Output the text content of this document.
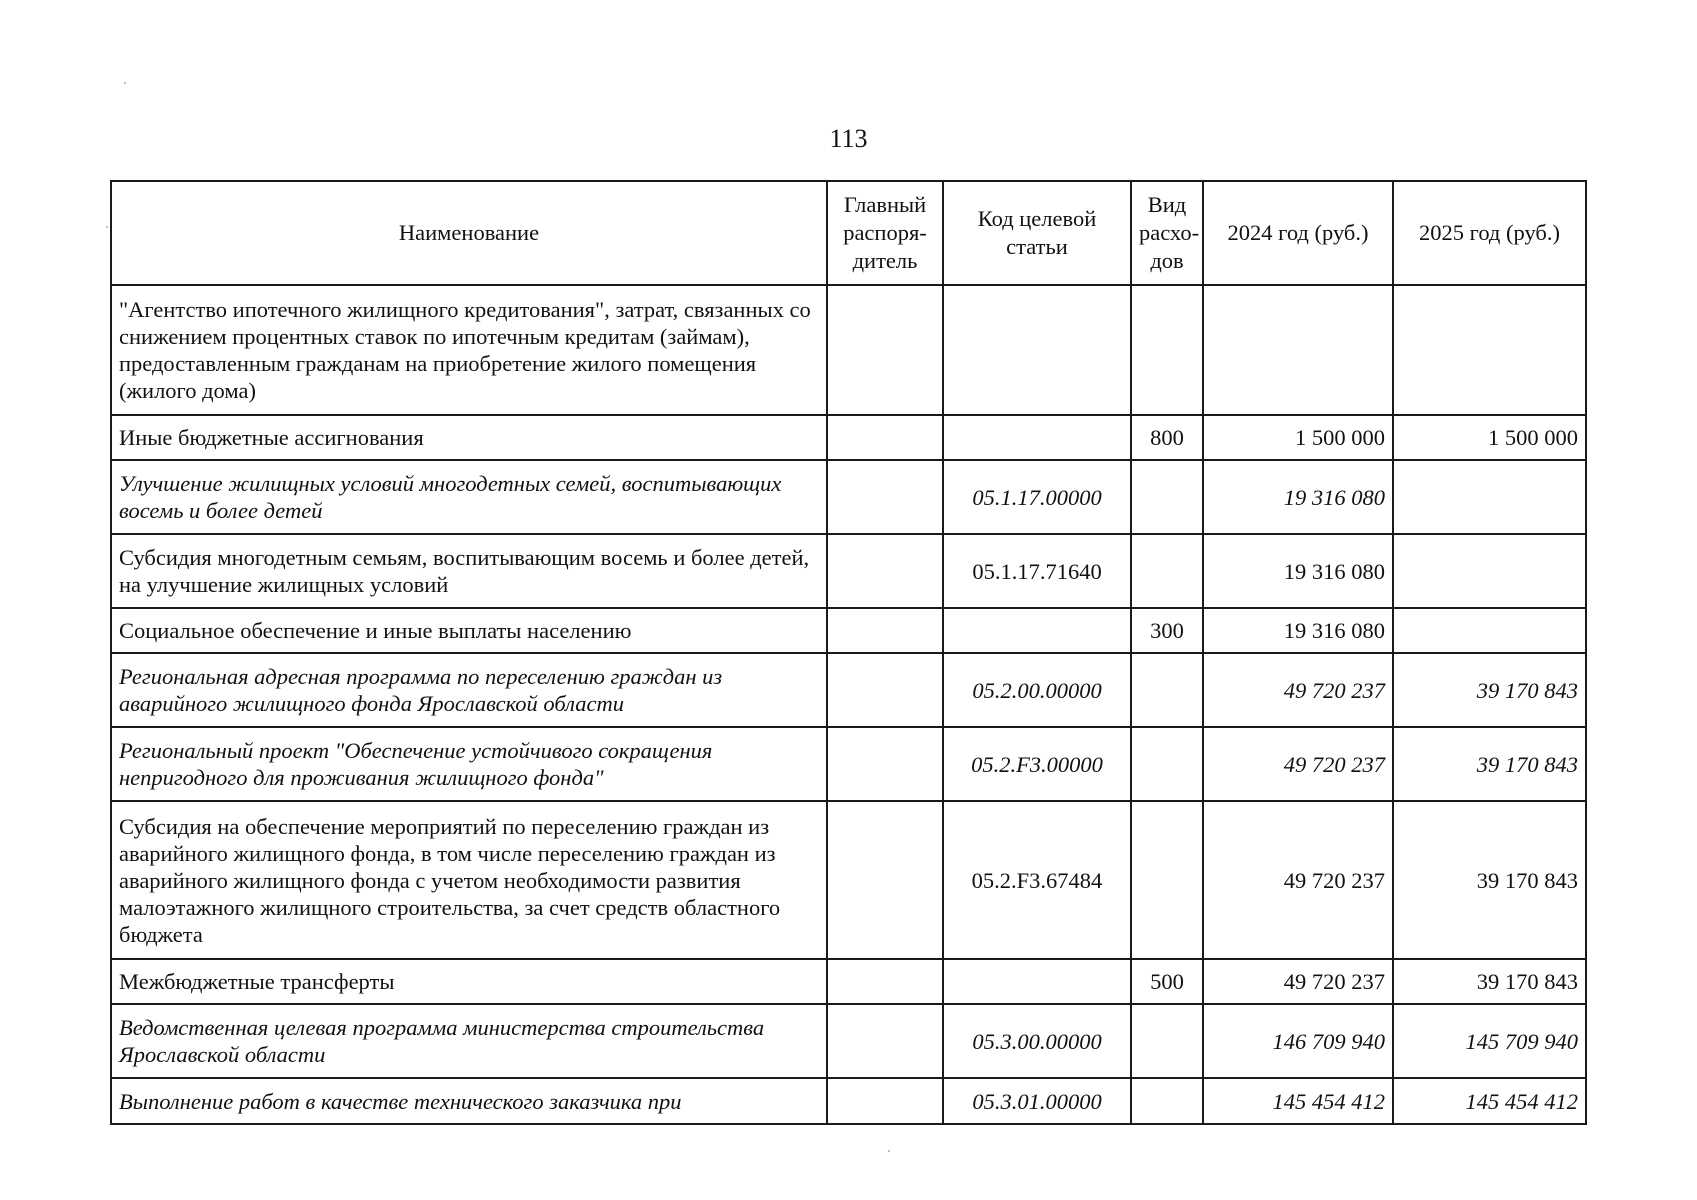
113
Наименование	Главный распоря-дитель	Код целевой статьи	Вид расхо-дов	2024 год (руб.)	2025 год (руб.)
"Агентство ипотечного жилищного кредитования", затрат, связанных со снижением процентных ставок по ипотечным кредитам (займам), предоставленным гражданам на приобретение жилого помещения (жилого дома)					
Иные бюджетные ассигнования			800	1 500 000	1 500 000
Улучшение жилищных условий многодетных семей, воспитывающих восемь и более детей		05.1.17.00000		19 316 080	
Субсидия многодетным семьям, воспитывающим восемь и более детей, на улучшение жилищных условий		05.1.17.71640		19 316 080	
Социальное обеспечение и иные выплаты населению			300	19 316 080	
Региональная адресная программа по переселению граждан из аварийного жилищного фонда Ярославской области		05.2.00.00000		49 720 237	39 170 843
Региональный проект "Обеспечение устойчивого сокращения непригодного для проживания жилищного фонда"		05.2.F3.00000		49 720 237	39 170 843
Субсидия на обеспечение мероприятий по переселению граждан из аварийного жилищного фонда, в том числе переселению граждан из аварийного жилищного фонда с учетом необходимости развития малоэтажного жилищного строительства, за счет средств областного бюджета		05.2.F3.67484		49 720 237	39 170 843
Межбюджетные трансферты			500	49 720 237	39 170 843
Ведомственная целевая программа министерства строительства Ярославской области		05.3.00.00000		146 709 940	145 709 940
Выполнение работ в качестве технического заказчика при		05.3.01.00000		145 454 412	145 454 412
